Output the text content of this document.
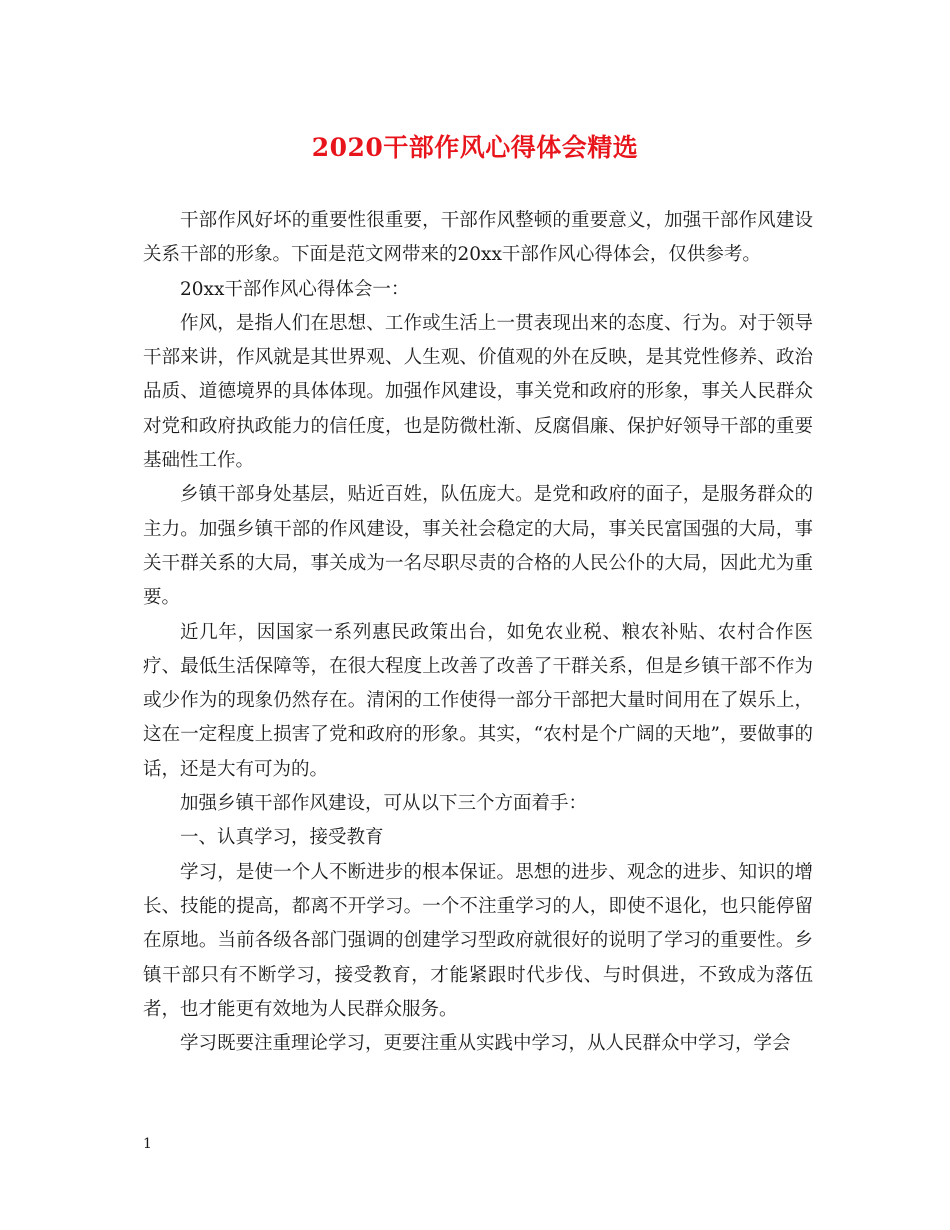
2020干部作风心得体会精选

干部作风好坏的重要性很重要，干部作风整顿的重要意义，加强干部作风建设关系干部的形象。下面是范文网带来的20xx干部作风心得体会，仅供参考。

20xx干部作风心得体会一：

作风，是指人们在思想、工作或生活上一贯表现出来的态度、行为。对于领导干部来讲，作风就是其世界观、人生观、价值观的外在反映，是其党性修养、政治品质、道德境界的具体体现。加强作风建设，事关党和政府的形象，事关人民群众对党和政府执政能力的信任度，也是防微杜渐、反腐倡廉、保护好领导干部的重要基础性工作。

乡镇干部身处基层，贴近百姓，队伍庞大。是党和政府的面子，是服务群众的主力。加强乡镇干部的作风建设，事关社会稳定的大局，事关民富国强的大局，事关干群关系的大局，事关成为一名尽职尽责的合格的人民公仆的大局，因此尤为重要。

近几年，因国家一系列惠民政策出台，如免农业税、粮农补贴、农村合作医疗、最低生活保障等，在很大程度上改善了改善了干群关系，但是乡镇干部不作为或少作为的现象仍然存在。清闲的工作使得一部分干部把大量时间用在了娱乐上，这在一定程度上损害了党和政府的形象。其实，“农村是个广阔的天地”，要做事的话，还是大有可为的。

加强乡镇干部作风建设，可从以下三个方面着手：

一、认真学习，接受教育

学习，是使一个人不断进步的根本保证。思想的进步、观念的进步、知识的增长、技能的提高，都离不开学习。一个不注重学习的人，即使不退化，也只能停留在原地。当前各级各部门强调的创建学习型政府就很好的说明了学习的重要性。乡镇干部只有不断学习，接受教育，才能紧跟时代步伐、与时俱进，不致成为落伍者，也才能更有效地为人民群众服务。

学习既要注重理论学习，更要注重从实践中学习，从人民群众中学习，学会

1
